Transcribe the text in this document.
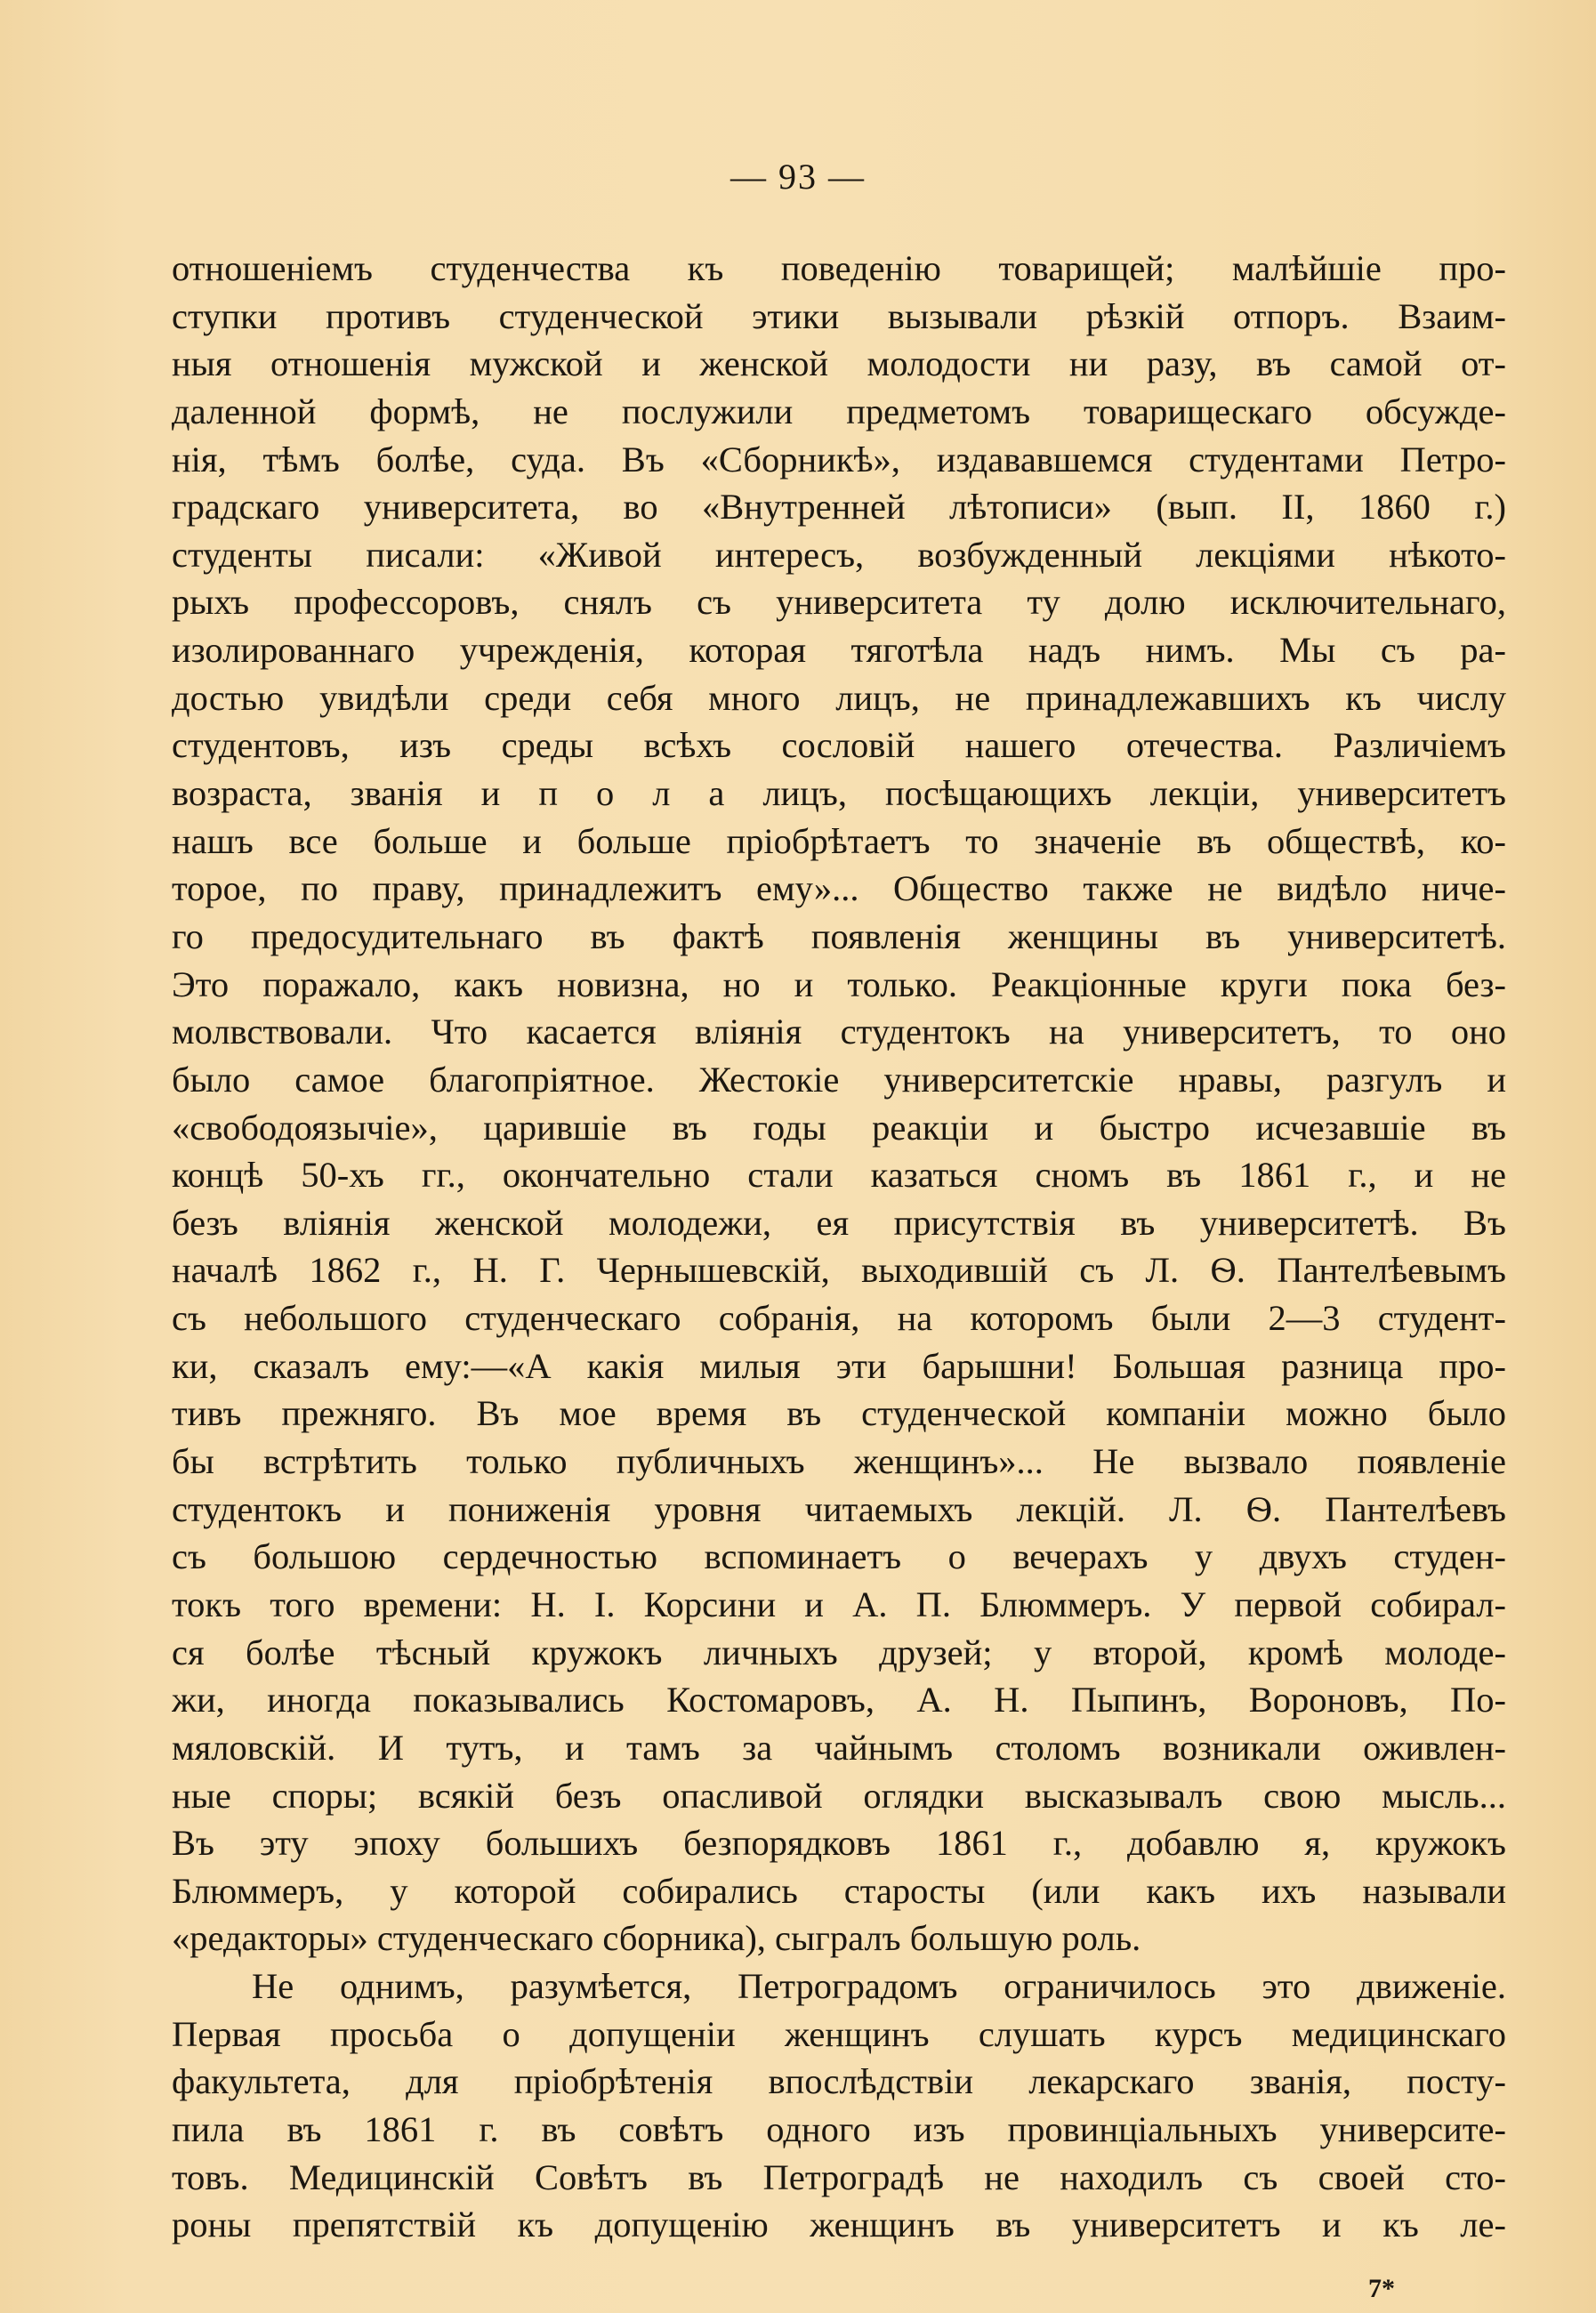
— 93 —
отношенiемъ студенчества къ поведенiю товарищей; малѣйшiе про-
ступки противъ студенческой этики вызывали рѣзкiй отпоръ. Взаим-
ныя отношенiя мужской и женской молодости ни разу, въ самой от-
даленной формѣ, не послужили предметомъ товарищескаго обсужде-
нiя, тѣмъ болѣе, суда. Въ «Сборникѣ», издававшемся студентами Петро-
градскаго университета, во «Внутренней лѣтописи» (вып. II, 1860 г.)
студенты писали: «Живой интересъ, возбужденный лекцiями нѣкото-
рыхъ профессоровъ, снялъ съ университета ту долю исключительнаго,
изолированнаго учрежденiя, которая тяготѣла надъ нимъ. Мы съ ра-
достью увидѣли среди себя много лицъ, не принадлежавшихъ къ числу
студентовъ, изъ среды всѣхъ сословiй нашего отечества. Различiемъ
возраста, званiя и п о л а лицъ, посѣщающихъ лекцiи, университетъ
нашъ все больше и больше прiобрѣтаетъ то значенiе въ обществѣ, ко-
торое, по праву, принадлежитъ ему»... Общество также не видѣло ниче-
го предосудительнаго въ фактѣ появленiя женщины въ университетѣ.
Это поражало, какъ новизна, но и только. Реакцiонные круги пока без-
молвствовали. Что касается влiянiя студентокъ на университетъ, то оно
было самое благопрiятное. Жестокiе университетскiе нравы, разгулъ и
«свободоязычiе», царившiе въ годы реакцiи и быстро исчезавшiе въ
концѣ 50-хъ гг., окончательно стали казаться сномъ въ 1861 г., и не
безъ влiянiя женской молодежи, ея присутствiя въ университетѣ. Въ
началѣ 1862 г., Н. Г. Чернышевскiй, выходившiй съ Л. Ѳ. Пантелѣевымъ
съ небольшого студенческаго собранiя, на которомъ были 2—3 студент-
ки, сказалъ ему:—«А какiя милыя эти барышни! Большая разница про-
тивъ прежняго. Въ мое время въ студенческой компанiи можно было
бы встрѣтить только публичныхъ женщинъ»... Не вызвало появленiе
студентокъ и пониженiя уровня читаемыхъ лекцiй. Л. Ѳ. Пантелѣевъ
съ большою сердечностью вспоминаетъ о вечерахъ у двухъ студен-
токъ того времени: Н. I. Корсини и А. П. Блюммеръ. У первой собирал-
ся болѣе тѣсный кружокъ личныхъ друзей; у второй, кромѣ молоде-
жи, иногда показывались Костомаровъ, А. Н. Пыпинъ, Вороновъ, По-
мяловскiй. И тутъ, и тамъ за чайнымъ столомъ возникали оживлен-
ные споры; всякiй безъ опасливой оглядки высказывалъ свою мысль...
Въ эту эпоху большихъ безпорядковъ 1861 г., добавлю я, кружокъ
Блюммеръ, у которой собирались старосты (или какъ ихъ называли
«редакторы» студенческаго сборника), сыгралъ большую роль.
Не однимъ, разумѣется, Петроградомъ ограничилось это движенiе.
Первая просьба о допущенiи женщинъ слушать курсъ медицинскаго
факультета, для прiобрѣтенiя впослѣдствiи лекарскаго званiя, посту-
пила въ 1861 г. въ совѣтъ одного изъ провинцiальныхъ университе-
товъ. Медицинскiй Совѣтъ въ Петроградѣ не находилъ съ своей сто-
роны препятствiй къ допущенiю женщинъ въ университетъ и къ ле-
7*
